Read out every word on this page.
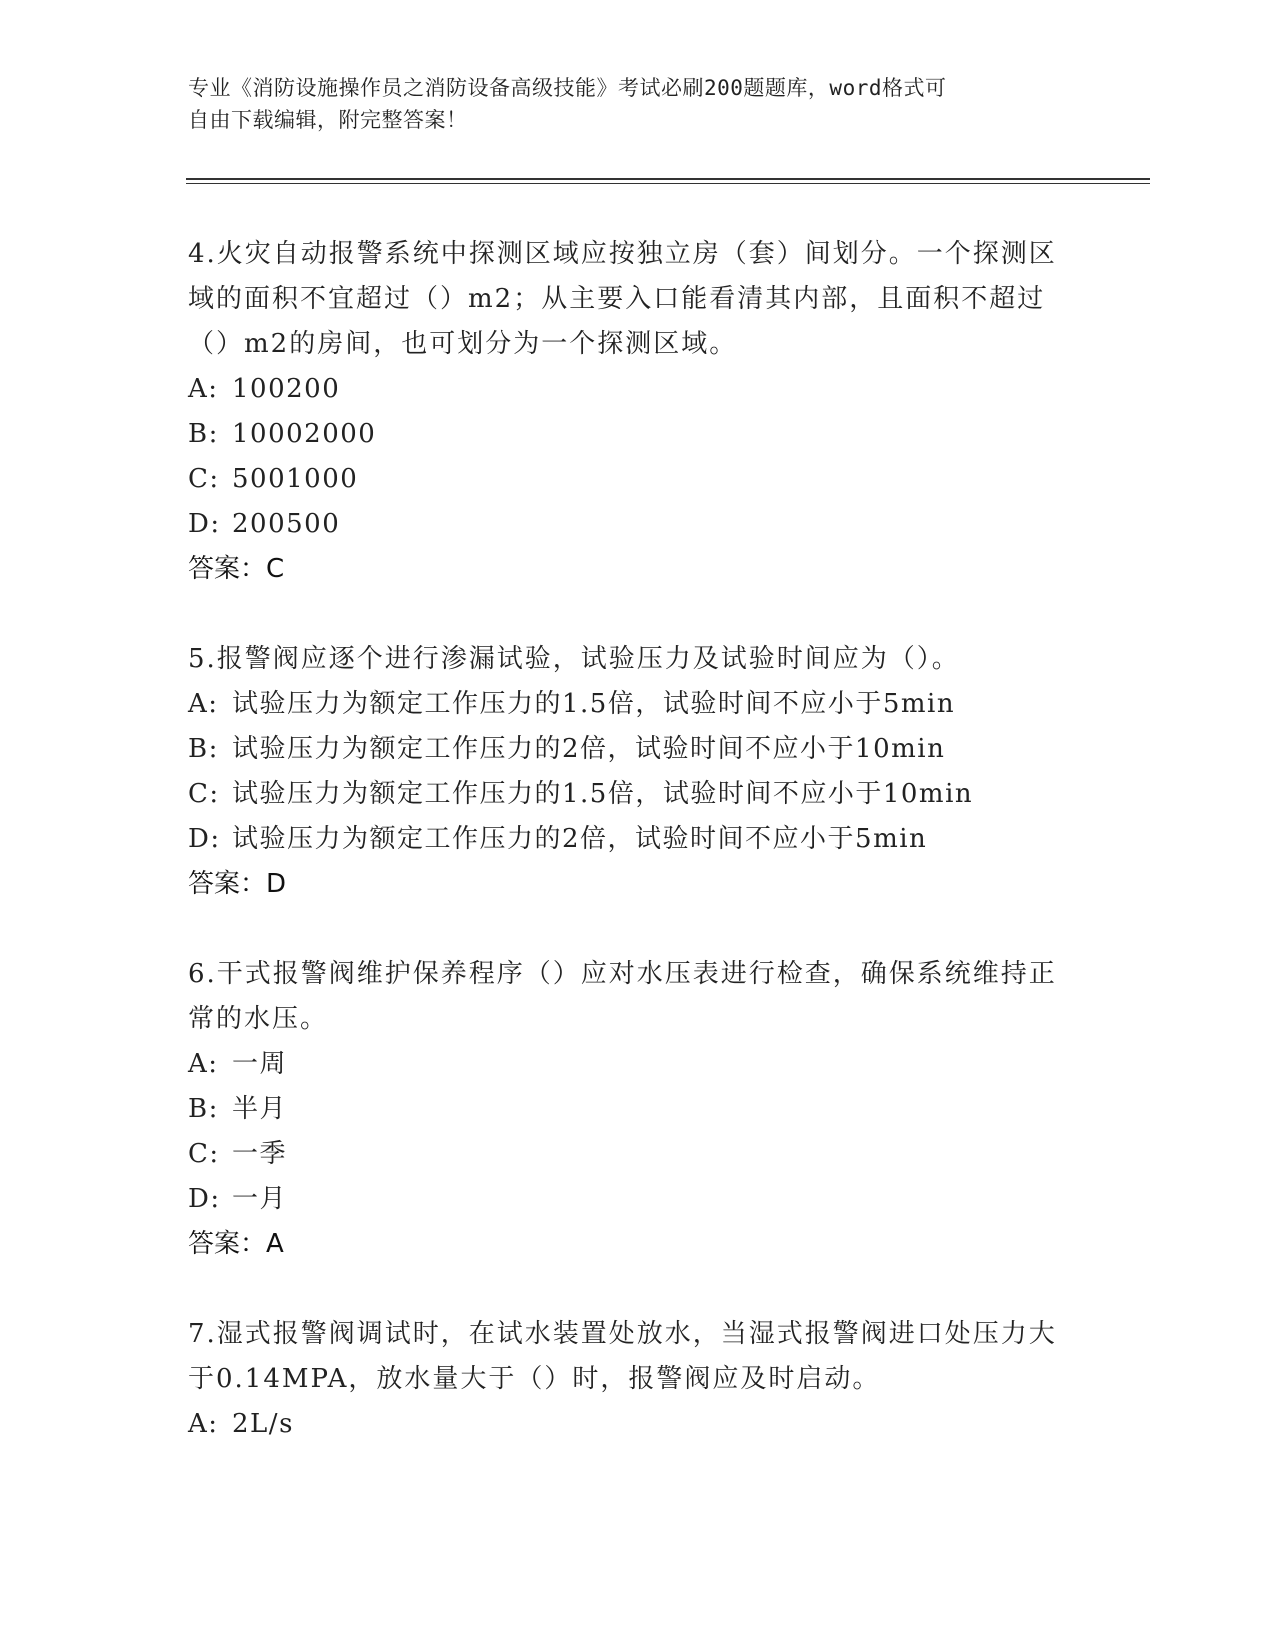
专业《消防设施操作员之消防设备高级技能》考试必刷200题题库，word格式可
自由下载编辑，附完整答案！

4.火灾自动报警系统中探测区域应按独立房（套）间划分。一个探测区域的面积不宜超过（）m2；从主要入口能看清其内部，且面积不超过（）m2的房间，也可划分为一个探测区域。

A: 100200

B: 10002000

C: 5001000

D: 200500

答案：C

5.报警阀应逐个进行渗漏试验，试验压力及试验时间应为（）。

A: 试验压力为额定工作压力的1.5倍，试验时间不应小于5min

B: 试验压力为额定工作压力的2倍，试验时间不应小于10min

C: 试验压力为额定工作压力的1.5倍，试验时间不应小于10min

D: 试验压力为额定工作压力的2倍，试验时间不应小于5min

答案：D

6.干式报警阀维护保养程序（）应对水压表进行检查，确保系统维持正常的水压。

A: 一周

B: 半月

C: 一季

D: 一月

答案：A

7.湿式报警阀调试时，在试水装置处放水，当湿式报警阀进口处压力大于0.14MPA，放水量大于（）时，报警阀应及时启动。

A: 2L/s
